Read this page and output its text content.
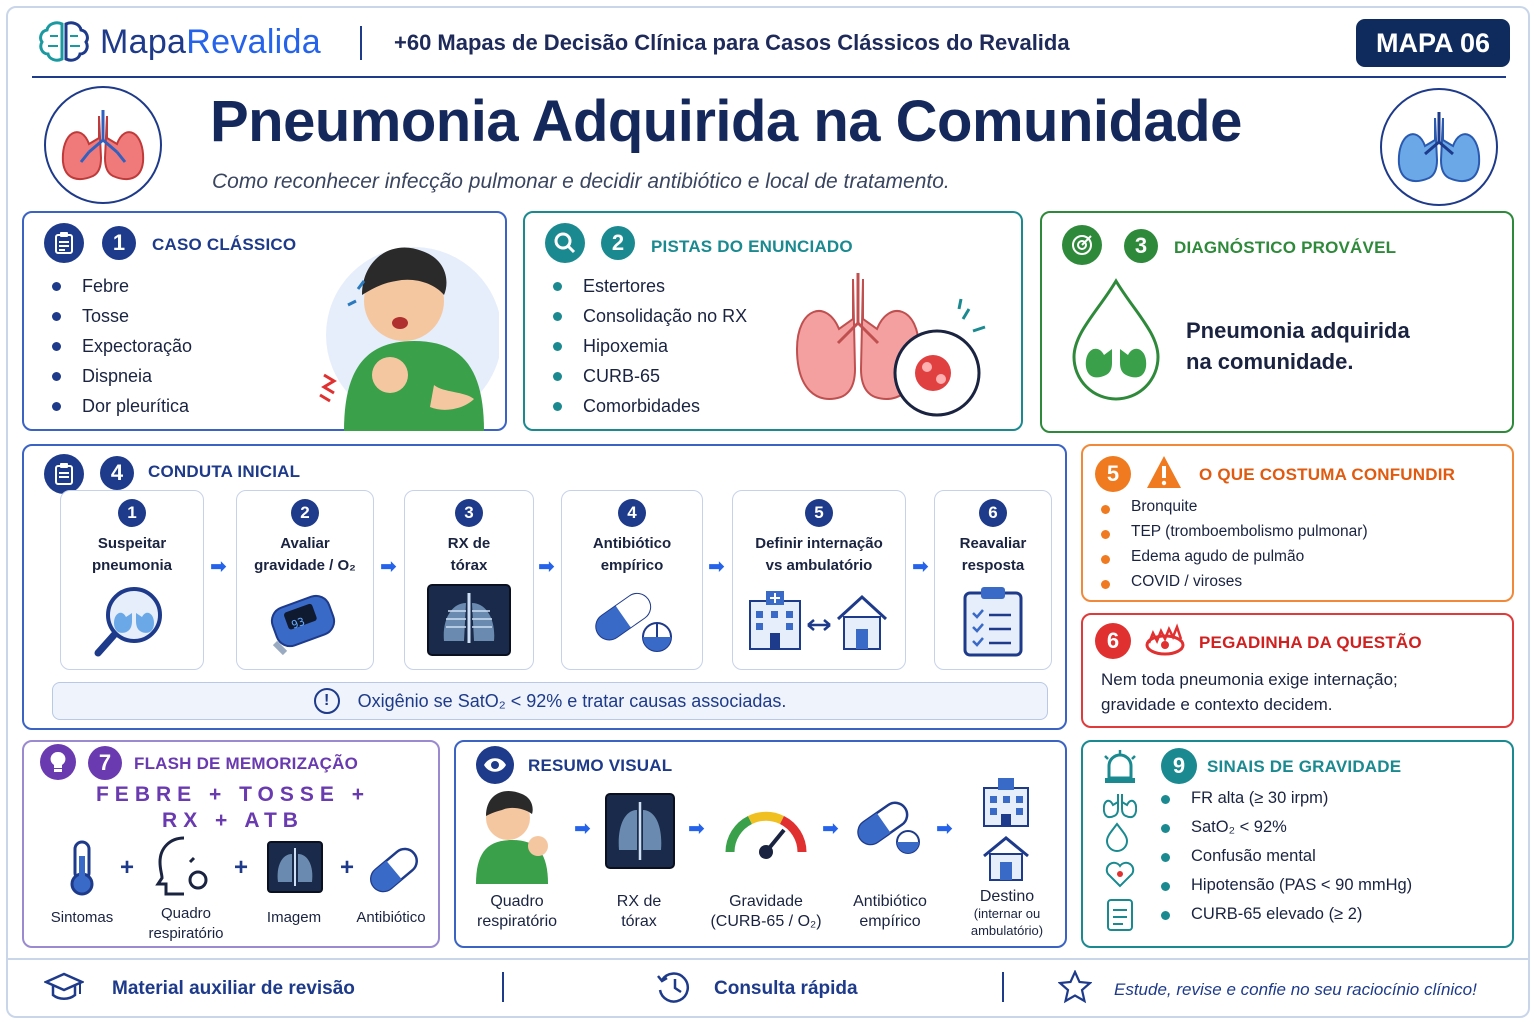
MapaRevalida	+60 Mapas de Decisão Clínica para Casos Clássicos do Revalida	MAPA 06
Pneumonia Adquirida na Comunidade
Como reconhecer infecção pulmonar e decidir antibiótico e local de tratamento.
1	CASO CLÁSSICO
Febre
Tosse
Expectoração
Dispneia
Dor pleurítica
2	PISTAS DO ENUNCIADO
Estertores
Consolidação no RX
Hipoxemia
CURB-65
Comorbidades
3	DIAGNÓSTICO PROVÁVEL
Pneumonia adquirida
na comunidade.
4	CONDUTA INICIAL
1
Suspeitar
pneumonia ➡
2
Avaliar
gravidade / O₂
93
➡
3
RX de
tórax	➡
4
Antibiótico
empírico	➡
5
Definir internação
vs ambulatório	➡
6
Reavaliar
resposta
!	Oxigênio se SatO₂ < 92% e tratar causas associadas.
5	O QUE COSTUMA CONFUNDIR
Bronquite
TEP (tromboembolismo pulmonar)
Edema agudo de pulmão
COVID / viroses
6	PEGADINHA DA QUESTÃO
Nem toda pneumonia exige internação;
gravidade e contexto decidem.
7	FLASH DE MEMORIZAÇÃO
FEBRE + TOSSE +
RX + ATB
+	+	+
Sintomas	Quadro respiratório
Imagem	Antibiótico
RESUMO VISUAL
➡	➡	➡	➡
Quadro
respiratório
RX de
tórax
Gravidade
(CURB-65 / O₂)
Antibiótico
empírico
Destino
(internar ou
ambulatório)
9	SINAIS DE GRAVIDADE
FR alta (≥ 30 irpm)
SatO₂ < 92%
Confusão mental
Hipotensão (PAS < 90 mmHg)
CURB-65 elevado (≥ 2)
Material auxiliar de revisão	Consulta rápida	Estude, revise e confie no seu raciocínio clínico!
